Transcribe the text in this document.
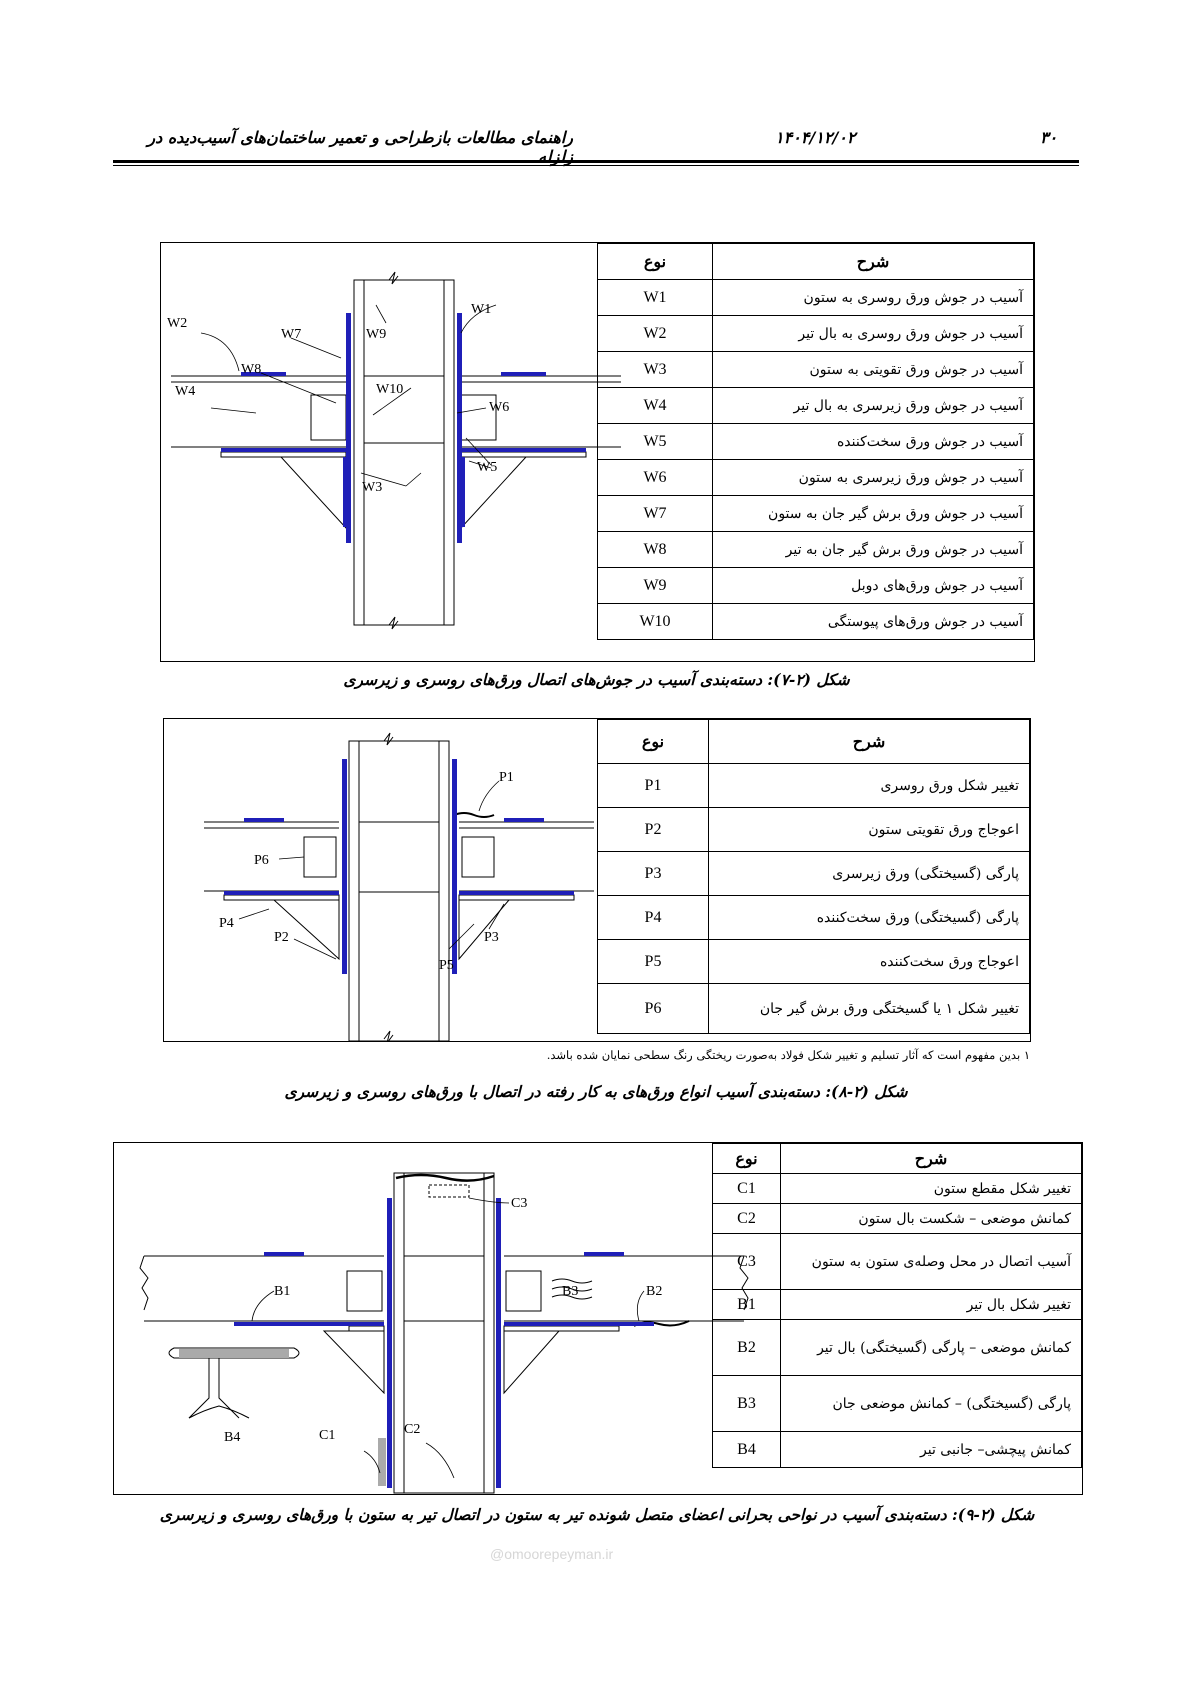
۳۰
۱۴۰۴/۱۲/۰۲
راهنمای مطالعات بازطراحی و تعمیر ساختمان‌های آسیب‌دیده در زلزله
W2
W1
W7
W8
W9
W10
W4
W6
W5
W3
شرح	نوع
آسیب در جوش ورق روسری به ستون	W1
آسیب در جوش ورق روسری به بال تیر	W2
آسیب در جوش ورق تقویتی به ستون	W3
آسیب در جوش ورق زیرسری به بال تیر	W4
آسیب در جوش ورق سخت‌کننده	W5
آسیب در جوش ورق زیرسری به ستون	W6
آسیب در جوش ورق برش گیر جان به ستون	W7
آسیب در جوش ورق برش گیر جان به تیر	W8
آسیب در جوش ورق‌های دوبل	W9
آسیب در جوش ورق‌های پیوستگی	W10
شکل (۲-۷): دسته‌بندی آسیب در جوش‌های اتصال ورق‌های روسری و زیرسری
P1
P6
P4
P2	P3
P5
شرح	نوع
تغییر شکل ورق روسری	P1
اعوجاج ورق تقویتی ستون	P2
پارگی (گسیختگی) ورق زیرسری	P3
پارگی (گسیختگی) ورق سخت‌کننده	P4
اعوجاج ورق سخت‌کننده	P5
تغییر شکل ۱ یا گسیختگی ورق برش گیر جان	P6
۱ بدین مفهوم است که آثار تسلیم و تغییر شکل فولاد به‌صورت ریختگی رنگ سطحی نمایان شده باشد.
شکل (۲-۸): دسته‌بندی آسیب انواع ورق‌های به کار رفته در اتصال با ورق‌های روسری و زیرسری
C3
B1	B3	B2
B4	C1	C2
شرح	نوع
تغییر شکل مقطع ستون	C1
کمانش موضعی – شکست بال ستون	C2
آسیب اتصال در محل وصله‌ی ستون به ستون	C3
تغییر شکل بال تیر	B1
کمانش موضعی – پارگی (گسیختگی) بال تیر	B2
پارگی (گسیختگی) – کمانش موضعی جان	B3
کمانش پیچشی– جانبی تیر	B4
شکل (۲-۹): دسته‌بندی آسیب در نواحی بحرانی اعضای متصل شونده تیر به ستون در اتصال تیر به ستون با ورق‌های روسری و زیرسری
@omoorepeyman.ir
